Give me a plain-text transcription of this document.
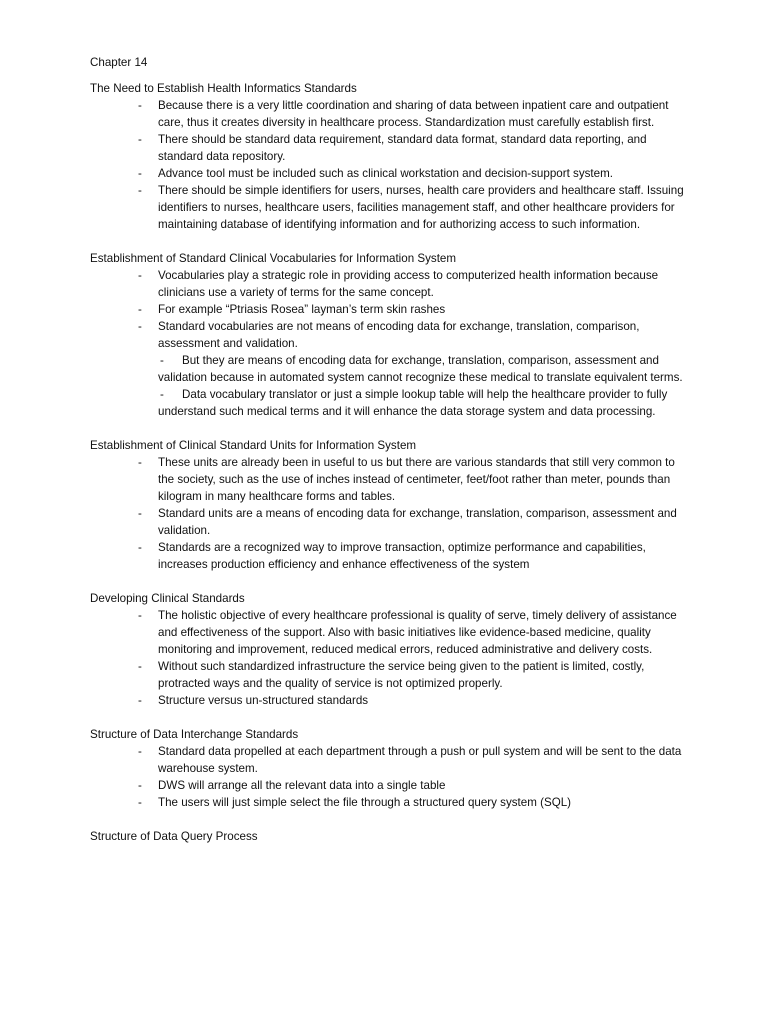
Chapter 14
The Need to Establish Health Informatics Standards
- Because there is a very little coordination and sharing of data between inpatient care and outpatient care, thus it creates diversity in healthcare process. Standardization must carefully establish first.
- There should be standard data requirement, standard data format, standard data reporting, and standard data repository.
- Advance tool must be included such as clinical workstation and decision-support system.
- There should be simple identifiers for users, nurses, health care providers and healthcare staff. Issuing identifiers to nurses, healthcare users, facilities management staff, and other healthcare providers for maintaining database of identifying information and for authorizing access to such information.
Establishment of Standard Clinical Vocabularies for Information System
- Vocabularies play a strategic role in providing access to computerized health information because clinicians use a variety of terms for the same concept.
- For example “Ptriasis Rosea” layman’s term skin rashes
- Standard vocabularies are not means of encoding data for exchange, translation, comparison, assessment and validation.
- But they are means of encoding data for exchange, translation, comparison, assessment and validation because in automated system cannot recognize these medical to translate equivalent terms.
- Data vocabulary translator or just a simple lookup table will help the healthcare provider to fully understand such medical terms and it will enhance the data storage system and data processing.
Establishment of Clinical Standard Units for Information System
- These units are already been in useful to us but there are various standards that still very common to the society, such as the use of inches instead of centimeter, feet/foot rather than meter, pounds than kilogram in many healthcare forms and tables.
- Standard units are a means of encoding data for exchange, translation, comparison, assessment and validation.
- Standards are a recognized way to improve transaction, optimize performance and capabilities, increases production efficiency and enhance effectiveness of the system
Developing Clinical Standards
- The holistic objective of every healthcare professional is quality of serve, timely delivery of assistance and effectiveness of the support. Also with basic initiatives like evidence-based medicine, quality monitoring and improvement, reduced medical errors, reduced administrative and delivery costs.
- Without such standardized infrastructure the service being given to the patient is limited, costly, protracted ways and the quality of service is not optimized properly.
- Structure versus un-structured standards
Structure of Data Interchange Standards
- Standard data propelled at each department through a push or pull system and will be sent to the data warehouse system.
- DWS will arrange all the relevant data into a single table
- The users will just simple select the file through a structured query system (SQL)
Structure of Data Query Process
